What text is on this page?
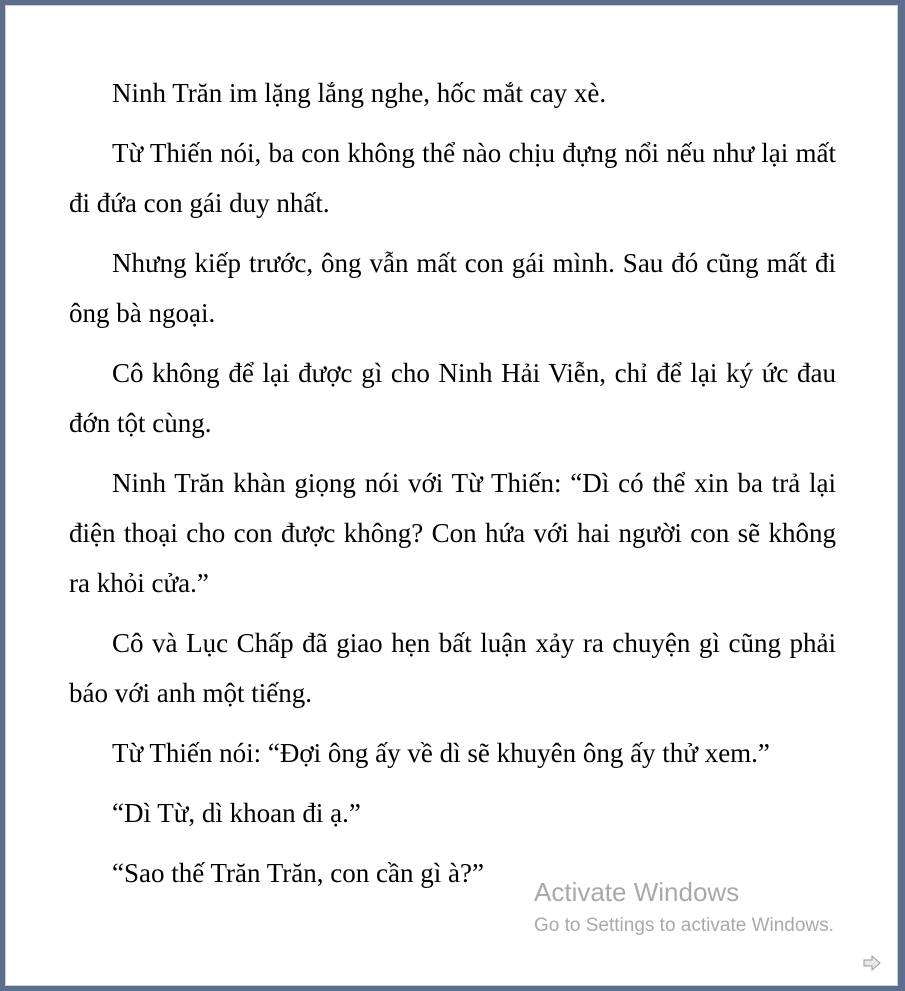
Ninh Trăn im lặng lắng nghe, hốc mắt cay xè.

Từ Thiến nói, ba con không thể nào chịu đựng nổi nếu như lại mất đi đứa con gái duy nhất.

Nhưng kiếp trước, ông vẫn mất con gái mình. Sau đó cũng mất đi ông bà ngoại.

Cô không để lại được gì cho Ninh Hải Viễn, chỉ để lại ký ức đau đớn tột cùng.

Ninh Trăn khàn giọng nói với Từ Thiến: “Dì có thể xin ba trả lại điện thoại cho con được không? Con hứa với hai người con sẽ không ra khỏi cửa.”

Cô và Lục Chấp đã giao hẹn bất luận xảy ra chuyện gì cũng phải báo với anh một tiếng.

Từ Thiến nói: “Đợi ông ấy về dì sẽ khuyên ông ấy thử xem.”

“Dì Từ, dì khoan đi ạ.”

“Sao thế Trăn Trăn, con cần gì à?”

Activate Windows
Go to Settings to activate Windows.
